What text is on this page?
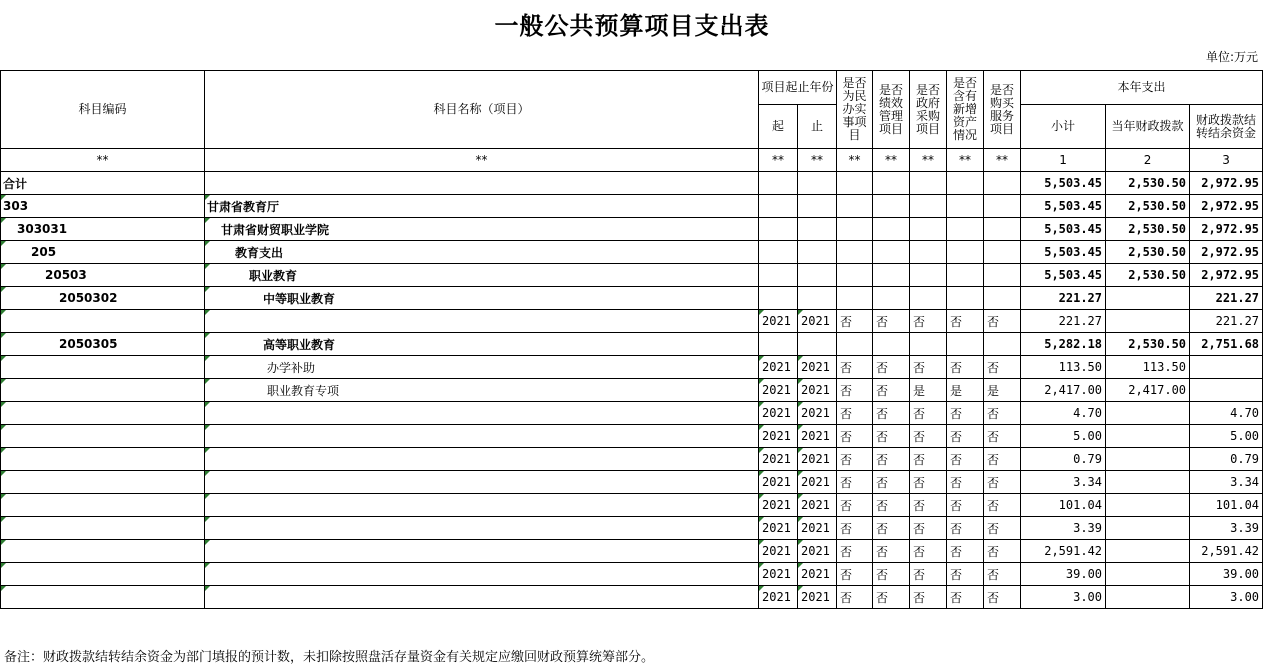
一般公共预算项目支出表
单位:万元
科目编码	科目名称（项目）	项目起止年份		是否为民办实事项目	是否绩效管理项目	是否政府采购项目	是否含有新增资产情况	是否购买服务项目	本年支出		
		起	止						小计	当年财政拨款	财政拨款结转结余资金
**	**	**	**	**	**	**	**	**	1	2	3
合计									5,503.45	2,530.50	2,972.95
303	甘肃省教育厅								5,503.45	2,530.50	2,972.95
303031	甘肃省财贸职业学院								5,503.45	2,530.50	2,972.95
205	教育支出								5,503.45	2,530.50	2,972.95
20503	职业教育								5,503.45	2,530.50	2,972.95
2050302	中等职业教育								221.27		221.27
		2021	2021	否	否	否	否	否	221.27		221.27
2050305	高等职业教育								5,282.18	2,530.50	2,751.68
	办学补助	2021	2021	否	否	否	否	否	113.50	113.50	
	职业教育专项	2021	2021	否	否	是	是	是	2,417.00	2,417.00	
		2021	2021	否	否	否	否	否	4.70		4.70
		2021	2021	否	否	否	否	否	5.00		5.00
		2021	2021	否	否	否	否	否	0.79		0.79
		2021	2021	否	否	否	否	否	3.34		3.34
		2021	2021	否	否	否	否	否	101.04		101.04
		2021	2021	否	否	否	否	否	3.39		3.39
		2021	2021	否	否	否	否	否	2,591.42		2,591.42
		2021	2021	否	否	否	否	否	39.00		39.00
		2021	2021	否	否	否	否	否	3.00		3.00
备注：财政拨款结转结余资金为部门填报的预计数，未扣除按照盘活存量资金有关规定应缴回财政预算统筹部分。
